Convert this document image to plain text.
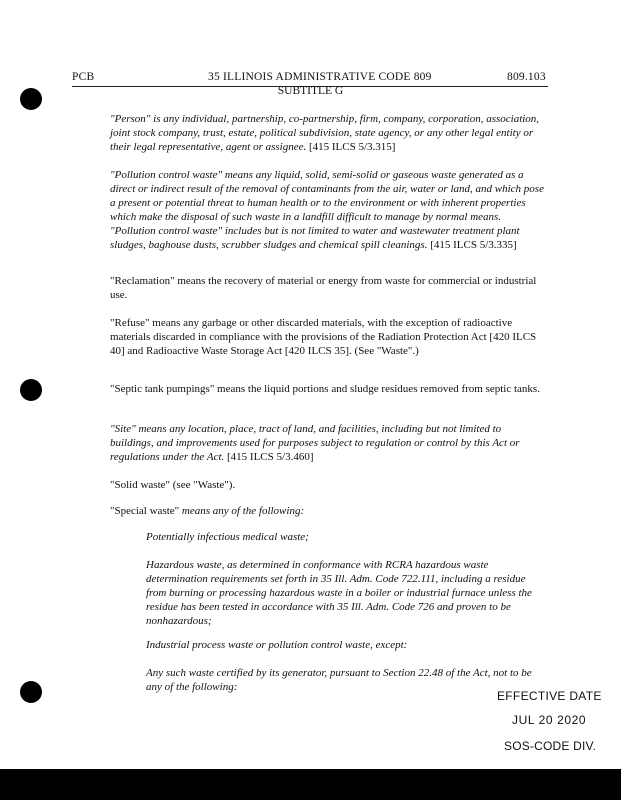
PCB	35 ILLINOIS ADMINISTRATIVE CODE 809	809.103
SUBTITLE G

"Person" is any individual, partnership, co-partnership, firm, company, corporation, association, joint stock company, trust, estate, political subdivision, state agency, or any other legal entity or their legal representative, agent or assignee. [415 ILCS 5/3.315]

"Pollution control waste" means any liquid, solid, semi-solid or gaseous waste generated as a direct or indirect result of the removal of contaminants from the air, water or land, and which pose a present or potential threat to human health or to the environment or with inherent properties which make the disposal of such waste in a landfill difficult to manage by normal means. "Pollution control waste" includes but is not limited to water and wastewater treatment plant sludges, baghouse dusts, scrubber sludges and chemical spill cleanings. [415 ILCS 5/3.335]

"Reclamation" means the recovery of material or energy from waste for commercial or industrial use.

"Refuse" means any garbage or other discarded materials, with the exception of radioactive materials discarded in compliance with the provisions of the Radiation Protection Act [420 ILCS 40] and Radioactive Waste Storage Act [420 ILCS 35]. (See "Waste".)

"Septic tank pumpings" means the liquid portions and sludge residues removed from septic tanks.

"Site" means any location, place, tract of land, and facilities, including but not limited to buildings, and improvements used for purposes subject to regulation or control by this Act or regulations under the Act. [415 ILCS 5/3.460]

"Solid waste" (see "Waste").

"Special waste" means any of the following:

Potentially infectious medical waste;

Hazardous waste, as determined in conformance with RCRA hazardous waste determination requirements set forth in 35 Ill. Adm. Code 722.111, including a residue from burning or processing hazardous waste in a boiler or industrial furnace unless the residue has been tested in accordance with 35 Ill. Adm. Code 726 and proven to be nonhazardous;

Industrial process waste or pollution control waste, except:

Any such waste certified by its generator, pursuant to Section 22.48 of the Act, not to be any of the following:

EFFECTIVE DATE
JUL 20 2020
SOS-CODE DIV.
